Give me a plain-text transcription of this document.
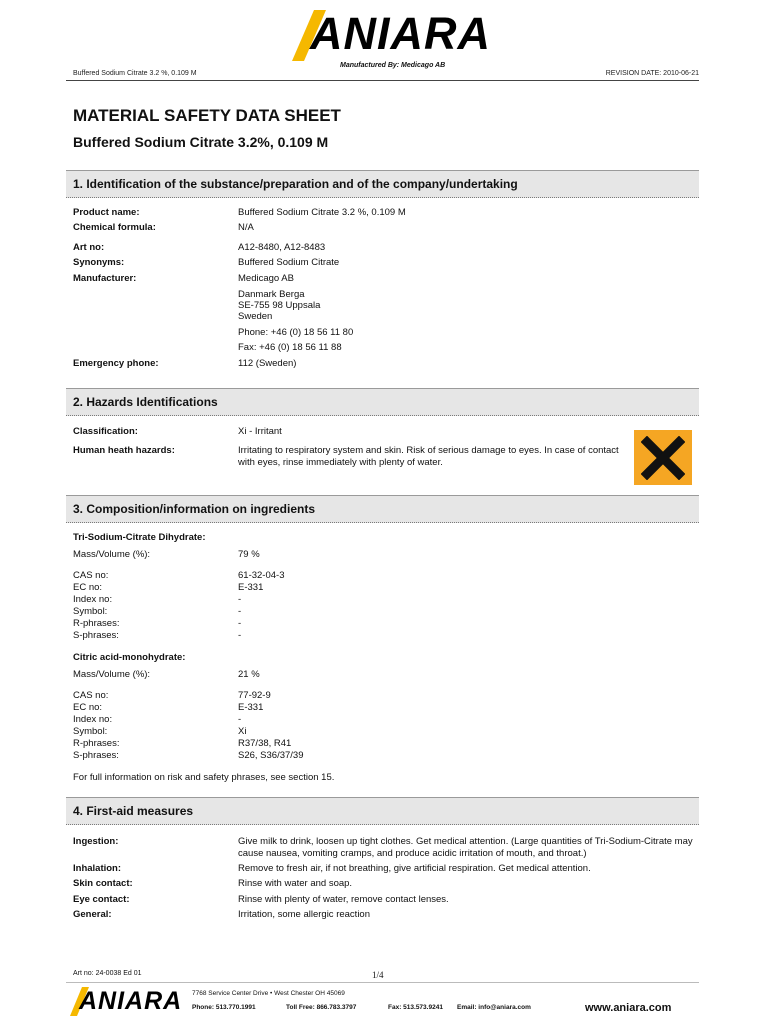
ANIARA
Manufactured By: Medicago AB
Buffered Sodium Citrate 3.2 %, 0.109 M	REVISION DATE: 2010-06-21
MATERIAL SAFETY DATA SHEET
Buffered Sodium Citrate 3.2%, 0.109 M
1. Identification of the substance/preparation and of the company/undertaking
Product name:	Buffered Sodium Citrate 3.2 %, 0.109 M
Chemical formula:	N/A
Art no:	A12-8480, A12-8483
Synonyms:	Buffered Sodium Citrate
Manufacturer:	Medicago AB
Danmark Berga
SE-755 98 Uppsala
Sweden
Phone: +46 (0) 18 56 11 80
Fax: +46 (0) 18 56 11 88
Emergency phone:	112 (Sweden)
2. Hazards Identifications
Classification:	Xi - Irritant
Human heath hazards:	Irritating to respiratory system and skin. Risk of serious damage to eyes. In case of contact with eyes, rinse immediately with plenty of water.
3. Composition/information on ingredients
Tri-Sodium-Citrate Dihydrate:
Mass/Volume (%):	79 %
CAS no:	61-32-04-3
EC no:	E-331
Index no:	-
Symbol:	-
R-phrases:	-
S-phrases:	-
Citric acid-monohydrate:
Mass/Volume (%):	21 %
CAS no:	77-92-9
EC no:	E-331
Index no:	-
Symbol:	Xi
R-phrases:	R37/38, R41
S-phrases:	S26, S36/37/39
For full information on risk and safety phrases, see section 15.
4. First-aid measures
Ingestion:	Give milk to drink, loosen up tight clothes. Get medical attention. (Large quantities of Tri-Sodium-Citrate may cause nausea, vomiting cramps, and produce acidic irritation of mouth, and throat.)
Inhalation:	Remove to fresh air, if not breathing, give artificial respiration. Get medical attention.
Skin contact:	Rinse with water and soap.
Eye contact:	Rinse with plenty of water, remove contact lenses.
General:	Irritation, some allergic reaction
Art no: 24-0038 Ed 01	1/4
ANIARA 7768 Service Center Drive • West Chester OH 45069
Phone: 513.770.1991	Toll Free: 866.783.3797	Fax: 513.573.9241 Email: info@aniara.com	www.aniara.com
